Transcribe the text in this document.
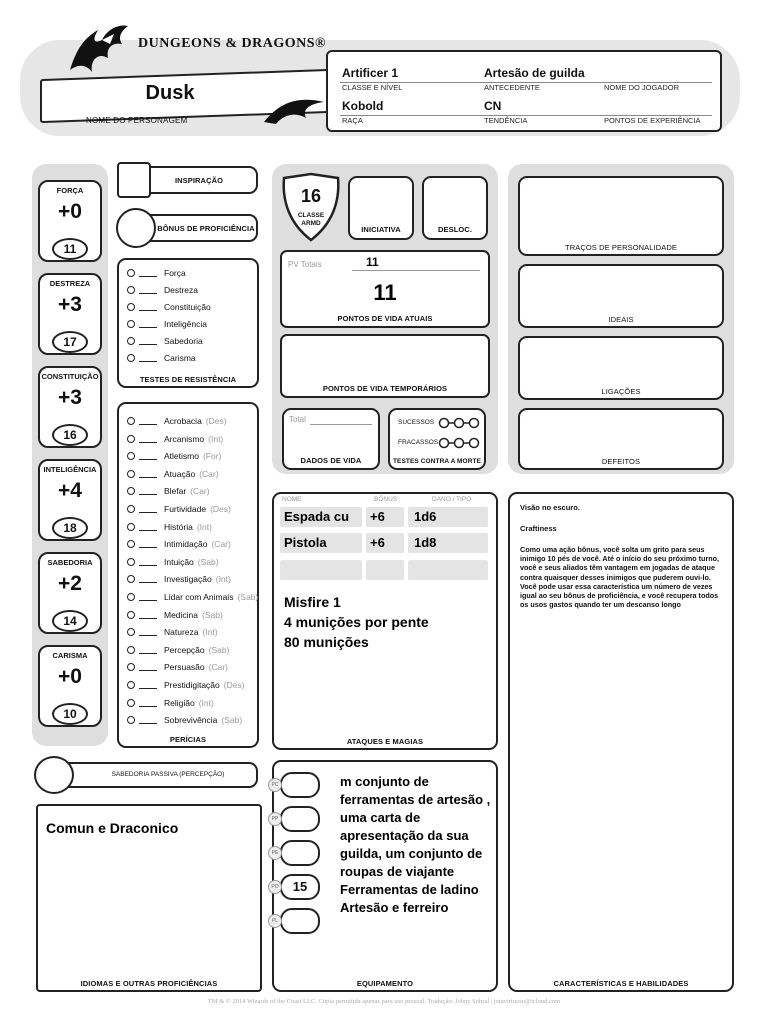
DUNGEONS & DRAGONS®
Dusk
NOME DO PERSONAGEM
Artificer 1	Artesão de guilda
CLASSE E NÍVEL	ANTECEDENTE	NOME DO JOGADOR
Kobold	CN
RAÇA	TENDÊNCIA	PONTOS DE EXPERIÊNCIA
FORÇA
+0
11
DESTREZA
+3
17
CONSTITUIÇÃO
+3
16
INTELIGÊNCIA
+4
18
SABEDORIA
+2
14
CARISMA
+0
10
INSPIRAÇÃO
BÔNUS DE PROFICIÊNCIA
Força
Destreza
Constituição
Inteligência
Sabedoria
Carisma
TESTES DE RESISTÊNCIA
Acrobacia (Des)
Arcanismo (Int)
Atletismo (For)
Atuação (Car)
Blefar (Car)
Furtividade (Des)
História (Int)
Intimidação (Car)
Intuição (Sab)
Investigação (Int)
Lidar com Animais (Sab)
Medicina (Sab)
Natureza (Int)
Percepção (Sab)
Persuasão (Car)
Prestidigitação (Des)
Religião (Int)
Sobrevivência (Sab)
PERÍCIAS
SABEDORIA PASSIVA (PERCEPÇÃO)
Comun e Draconico
IDIOMAS E OUTRAS PROFICIÊNCIAS
16
CLASSE ARMD
INICIATIVA	DESLOC.
PV Totais	11
11
PONTOS DE VIDA ATUAIS
PONTOS DE VIDA TEMPORÁRIOS
Total
DADOS DE VIDA
SUCESSOS
FRACASSOS
TESTES CONTRA A MORTE
TRAÇOS DE PERSONALIDADE
IDEAIS
LIGAÇÕES
DEFEITOS
NOME	BÔNUS	DANO / TIPO
Espada cu +6 1d6
Pistola	+6 1d8
Misfire 1
4 munições por pente
80 munições
ATAQUES E MAGIAS
15
PC
PP
PE
PO
PL
m conjunto de
ferramentas de artesão ,
uma carta de
apresentação da sua
guilda, um conjunto de
roupas de viajante
Ferramentas de ladino
Artesão e ferreiro
EQUIPAMENTO
Visão no escuro.
Craftiness
Como uma ação bônus, você solta um grito para seus inimigo 10 pés de você. Até o início do seu próximo turno, você e seus aliados têm vantagem em jogadas de ataque contra quaisquer desses inimigos que puderem ouvi-lo. Você pode usar essa característica um número de vezes igual ao seu bônus de proficiência, e você recupera todos os usos gastos quando ter um descanso longo
CARACTERÍSTICAS E HABILIDADES
TM & © 2014 Wizards of the Coast LLC. Cópia permitida apenas para uso pessoal. Tradução: Johny Sobral | jotuvirtuoso@icloud.com
